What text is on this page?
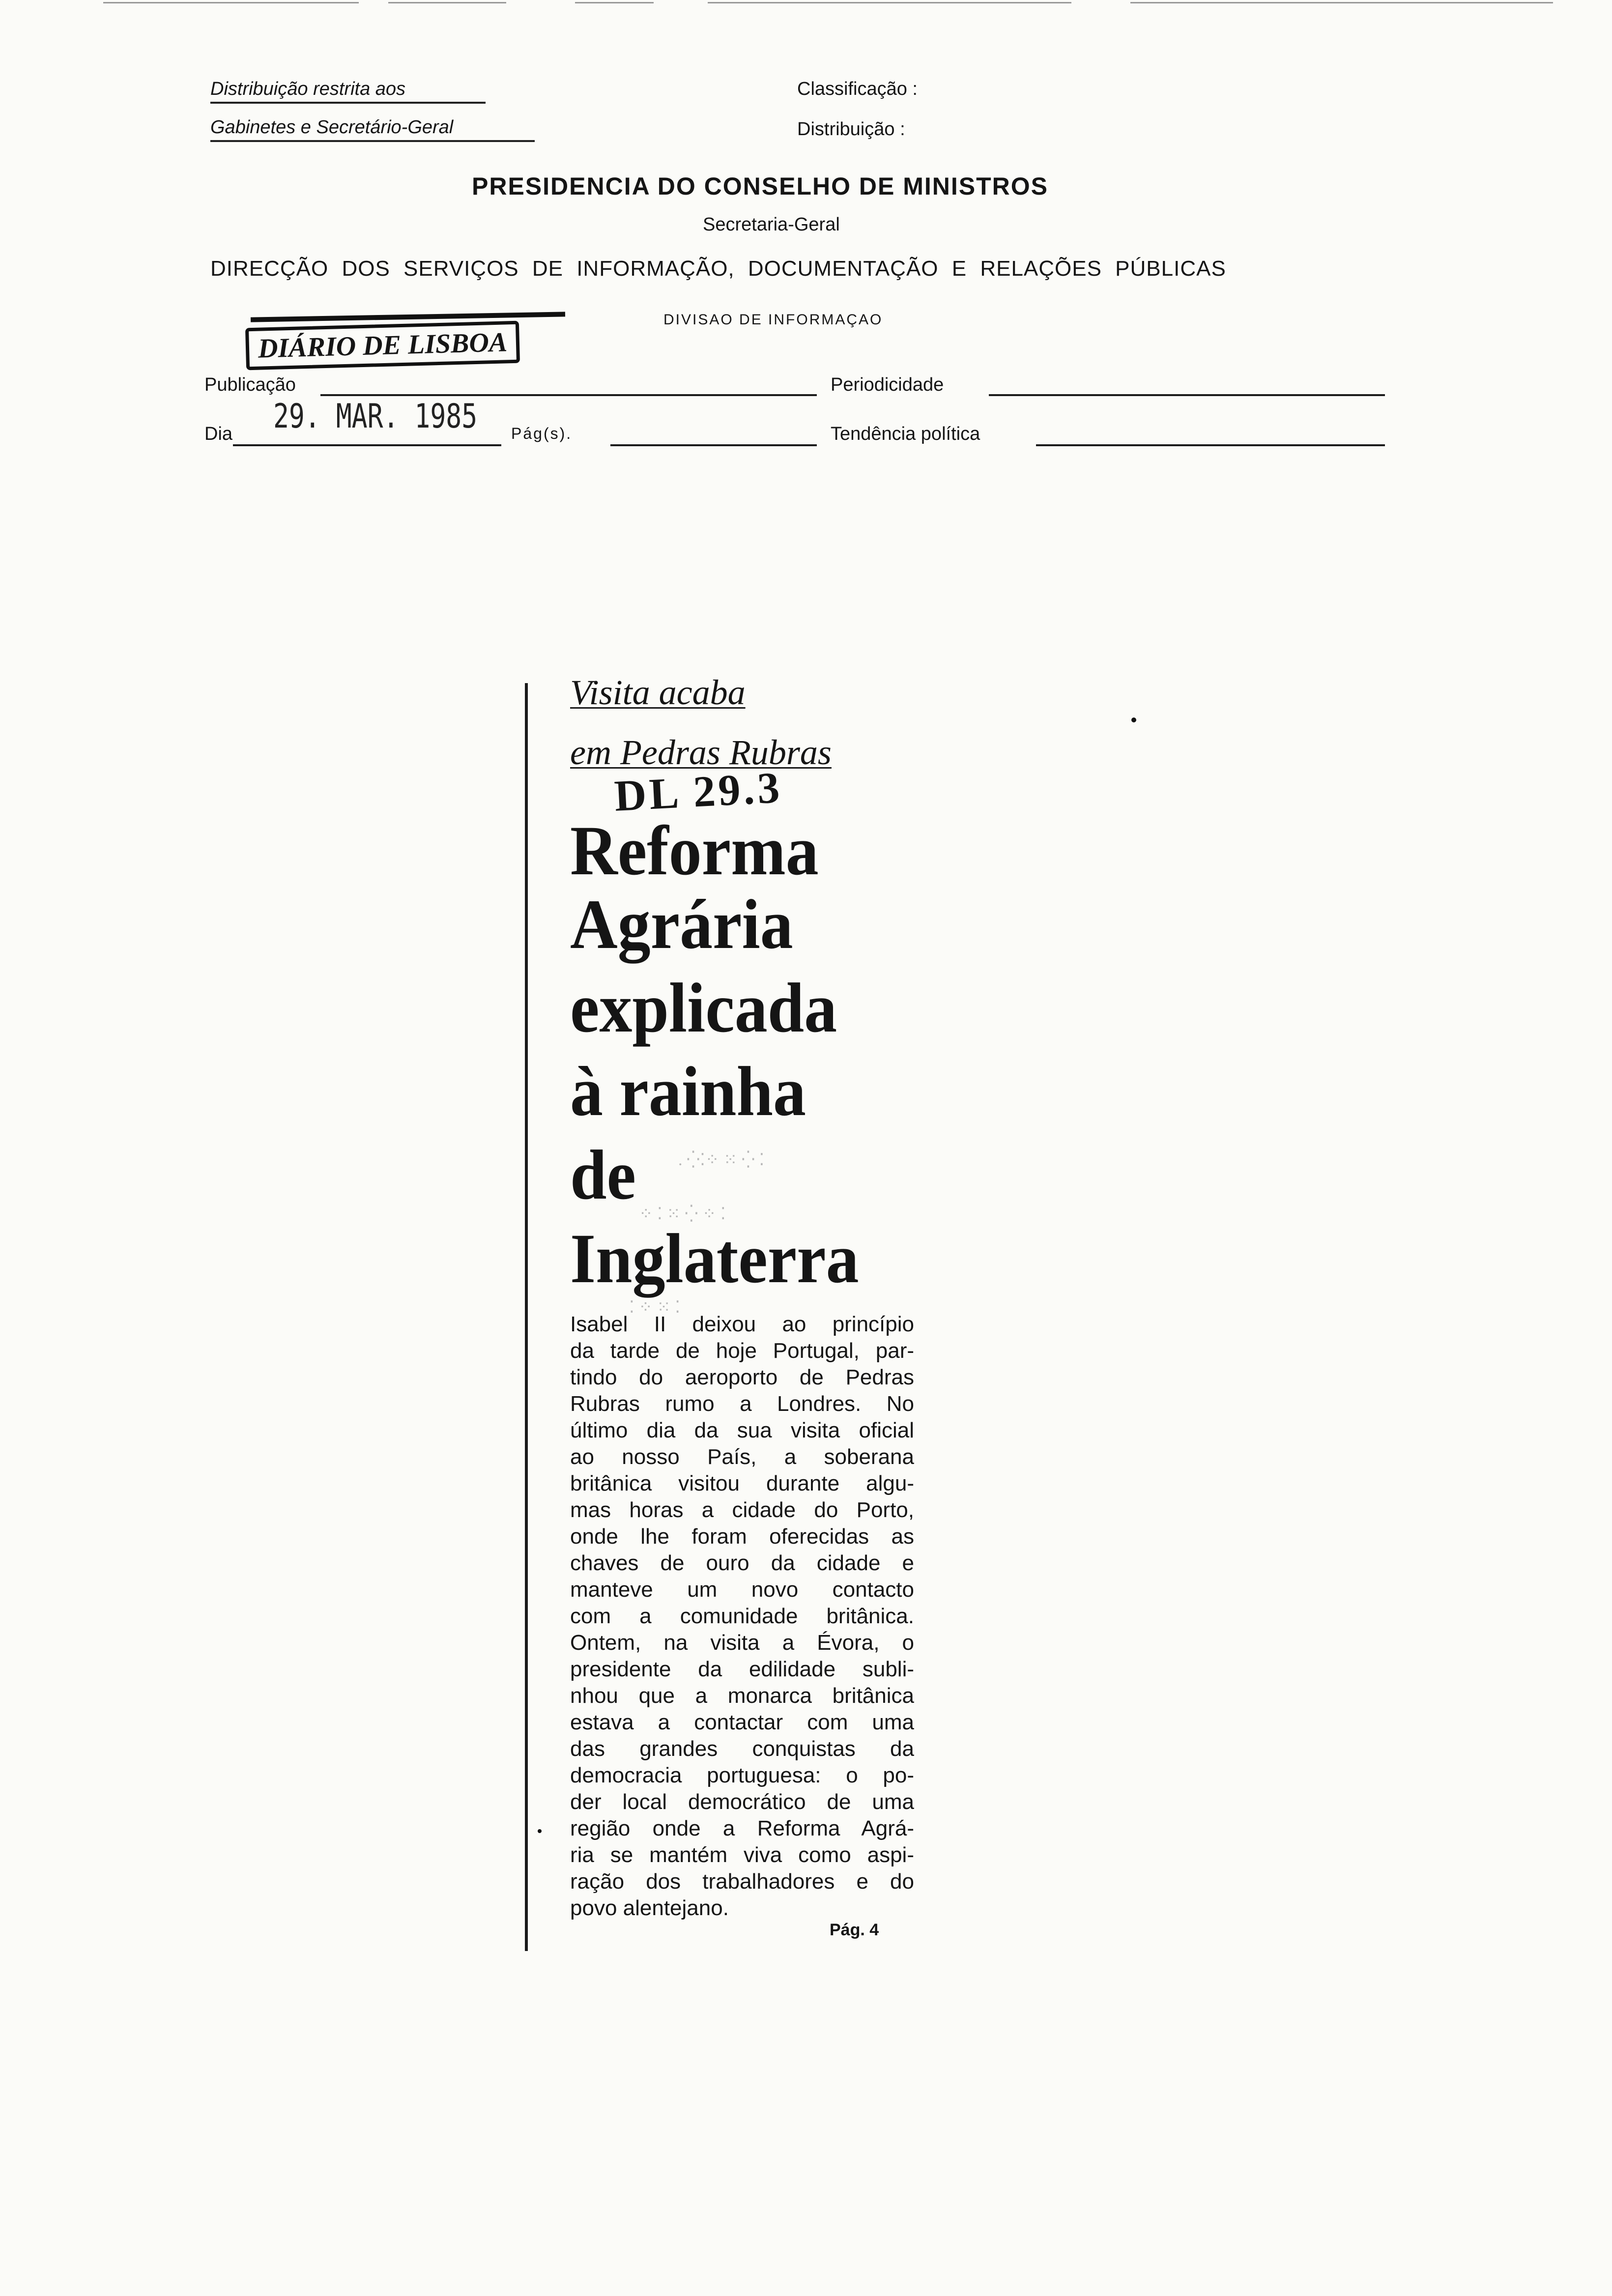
Distribuição restrita aos
Gabinetes e Secretário-Geral
Classificação :
Distribuição :
PRESIDENCIA DO CONSELHO DE MINISTROS
Secretaria-Geral
DIRECÇÃO DOS SERVIÇOS DE INFORMAÇÃO, DOCUMENTAÇÃO E RELAÇÕES PÚBLICAS
DIVISAO DE INFORMAÇAO
DIÁRIO DE LISBOA
Publicação	Periodicidade
Dia 29. MAR. 1985 Pág(s).	Tendência política
Visita acaba
em Pedras Rubras
DL 29.3
Reforma
Agrária
explicada
à rainha
de
Inglaterra
. ⁛⁚⁘ ⁙ ⁛ ⁚
⁘ ⁚ ⁙ ⁛ ⁘ ⁚
⁚ ⁘ ⁙ ⁚
Isabel II deixou ao princípio
da tarde de hoje Portugal, par-
tindo do aeroporto de Pedras
Rubras rumo a Londres. No
último dia da sua visita oficial
ao nosso País, a soberana
britânica visitou durante algu-
mas horas a cidade do Porto,
onde lhe foram oferecidas as
chaves de ouro da cidade e
manteve um novo contacto
com a comunidade britânica.
Ontem, na visita a Évora, o
presidente da edilidade subli-
nhou que a monarca britânica
estava a contactar com uma
das grandes conquistas da
democracia portuguesa: o po-
der local democrático de uma
região onde a Reforma Agrá-
ria se mantém viva como aspi-
ração dos trabalhadores e do
povo alentejano.
Pág. 4
